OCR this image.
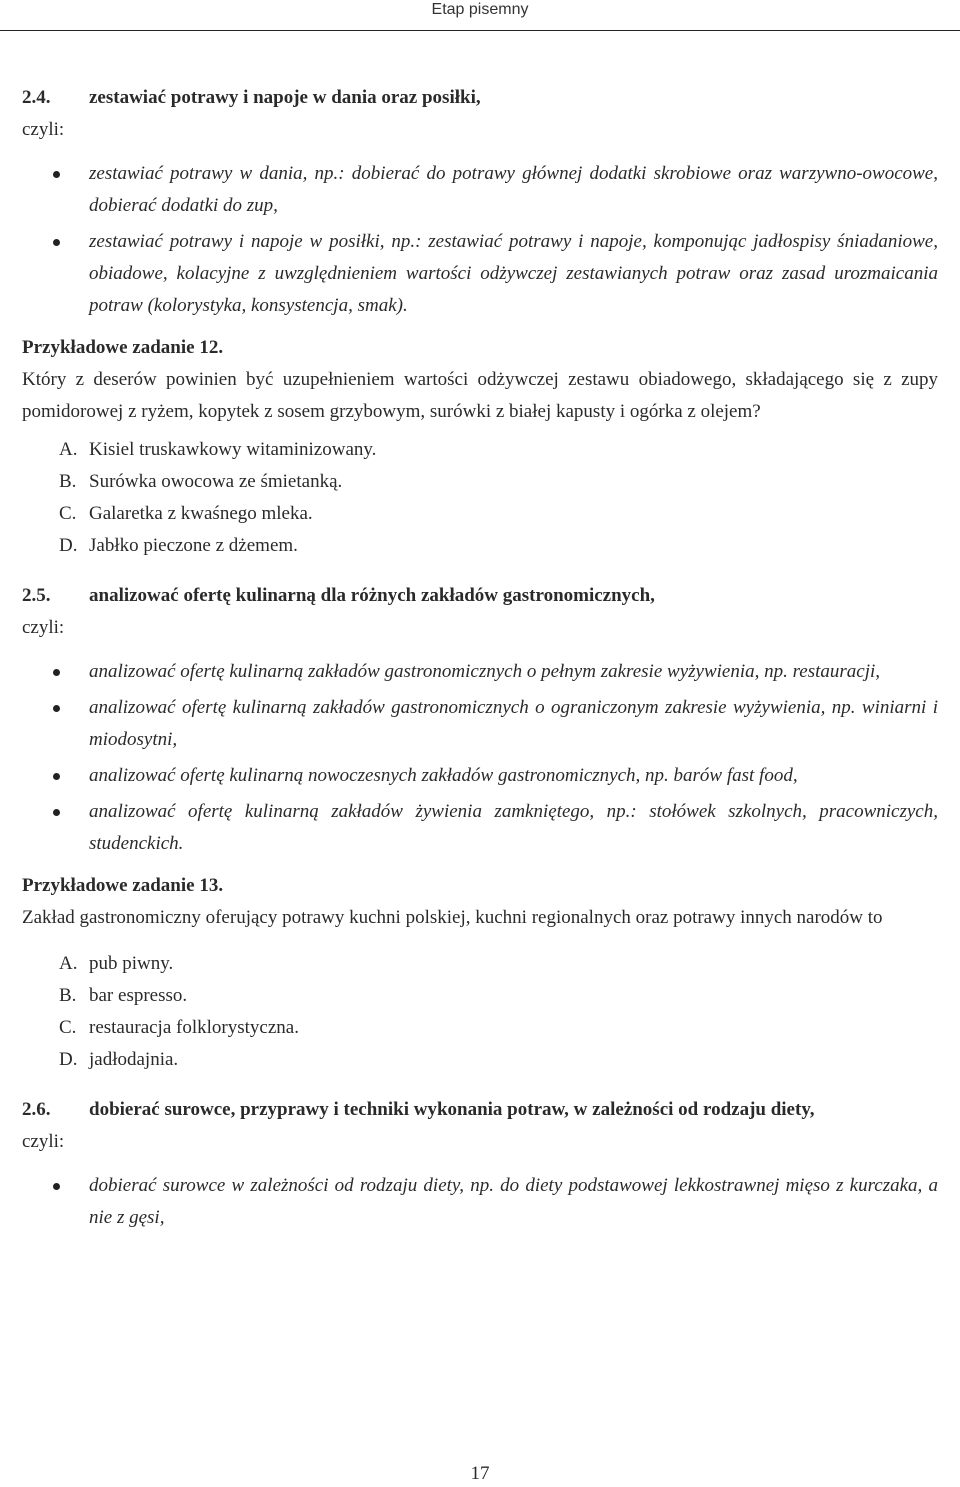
Etap pisemny
2.4.	zestawiać potrawy i napoje w dania oraz posiłki,
czyli:
zestawiać potrawy w dania, np.: dobierać do potrawy głównej dodatki skrobiowe oraz warzywno-owocowe, dobierać dodatki do zup,
zestawiać potrawy i napoje w posiłki, np.: zestawiać potrawy i napoje, komponując jadłospisy śniadaniowe, obiadowe, kolacyjne z uwzględnieniem wartości odżywczej zestawianych potraw oraz zasad urozmaicania potraw (kolorystyka, konsystencja, smak).
Przykładowe zadanie 12.
Który z deserów powinien być uzupełnieniem wartości odżywczej zestawu obiadowego, składającego się z zupy pomidorowej z ryżem, kopytek z sosem grzybowym, surówki z białej kapusty i ogórka z olejem?
A. Kisiel truskawkowy witaminizowany.
B. Surówka owocowa ze śmietanką.
C. Galaretka z kwaśnego mleka.
D. Jabłko pieczone z dżemem.
2.5.	analizować ofertę kulinarną dla różnych zakładów gastronomicznych,
czyli:
analizować ofertę kulinarną zakładów gastronomicznych o pełnym zakresie wyżywienia, np. restauracji,
analizować ofertę kulinarną zakładów gastronomicznych o ograniczonym zakresie wyżywienia, np. winiarni i miodosytni,
analizować ofertę kulinarną nowoczesnych zakładów gastronomicznych, np. barów fast food,
analizować ofertę kulinarną zakładów żywienia zamkniętego, np.: stołówek szkolnych, pracowniczych, studenckich.
Przykładowe zadanie 13.
Zakład gastronomiczny oferujący potrawy kuchni polskiej, kuchni regionalnych oraz potrawy innych narodów to
A. pub piwny.
B. bar espresso.
C. restauracja folklorystyczna.
D. jadłodajnia.
2.6.	dobierać surowce, przyprawy i techniki wykonania potraw, w zależności od rodzaju diety,
czyli:
dobierać surowce w zależności od rodzaju diety, np. do diety podstawowej lekkostrawnej mięso z kurczaka, a nie z gęsi,
17
